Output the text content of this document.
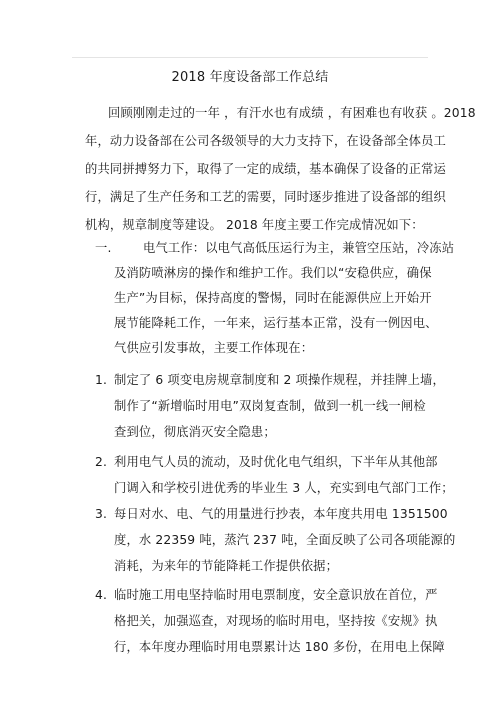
2018 年度设备部工作总结
回顾刚刚走过的一年 ，有汗水也有成绩 ，有困难也有收获 。2018
年，动力设备部在公司各级领导的大力支持下，在设备部全体员工
的共同拼搏努力下，取得了一定的成绩，基本确保了设备的正常运
行，满足了生产任务和工艺的需要，同时逐步推进了设备部的组织
机构，规章制度等建设。 2018 年度主要工作完成情况如下：
一.	电气工作：以电气高低压运行为主，兼管空压站，冷冻站
及消防喷淋房的操作和维护工作。我们以“安稳供应，确保
生产”为目标，保持高度的警惕，同时在能源供应上开始开
展节能降耗工作，一年来，运行基本正常，没有一例因电、
气供应引发事故，主要工作体现在：
1. 制定了 6 项变电房规章制度和 2 项操作规程，并挂牌上墙，
制作了“新增临时用电”双岗复查制，做到一机一线一闸检
查到位，彻底消灭安全隐患；
2. 利用电气人员的流动，及时优化电气组织，下半年从其他部
门调入和学校引进优秀的毕业生 3 人，充实到电气部门工作；
3. 每日对水、电、气的用量进行抄表，本年度共用电 1351500
度，水 22359 吨，蒸汽 237 吨，全面反映了公司各项能源的
消耗，为来年的节能降耗工作提供依据；
4. 临时施工用电坚持临时用电票制度，安全意识放在首位，严
格把关，加强巡查，对现场的临时用电，坚持按《安规》执
行，本年度办理临时用电票累计达 180 多份，在用电上保障
